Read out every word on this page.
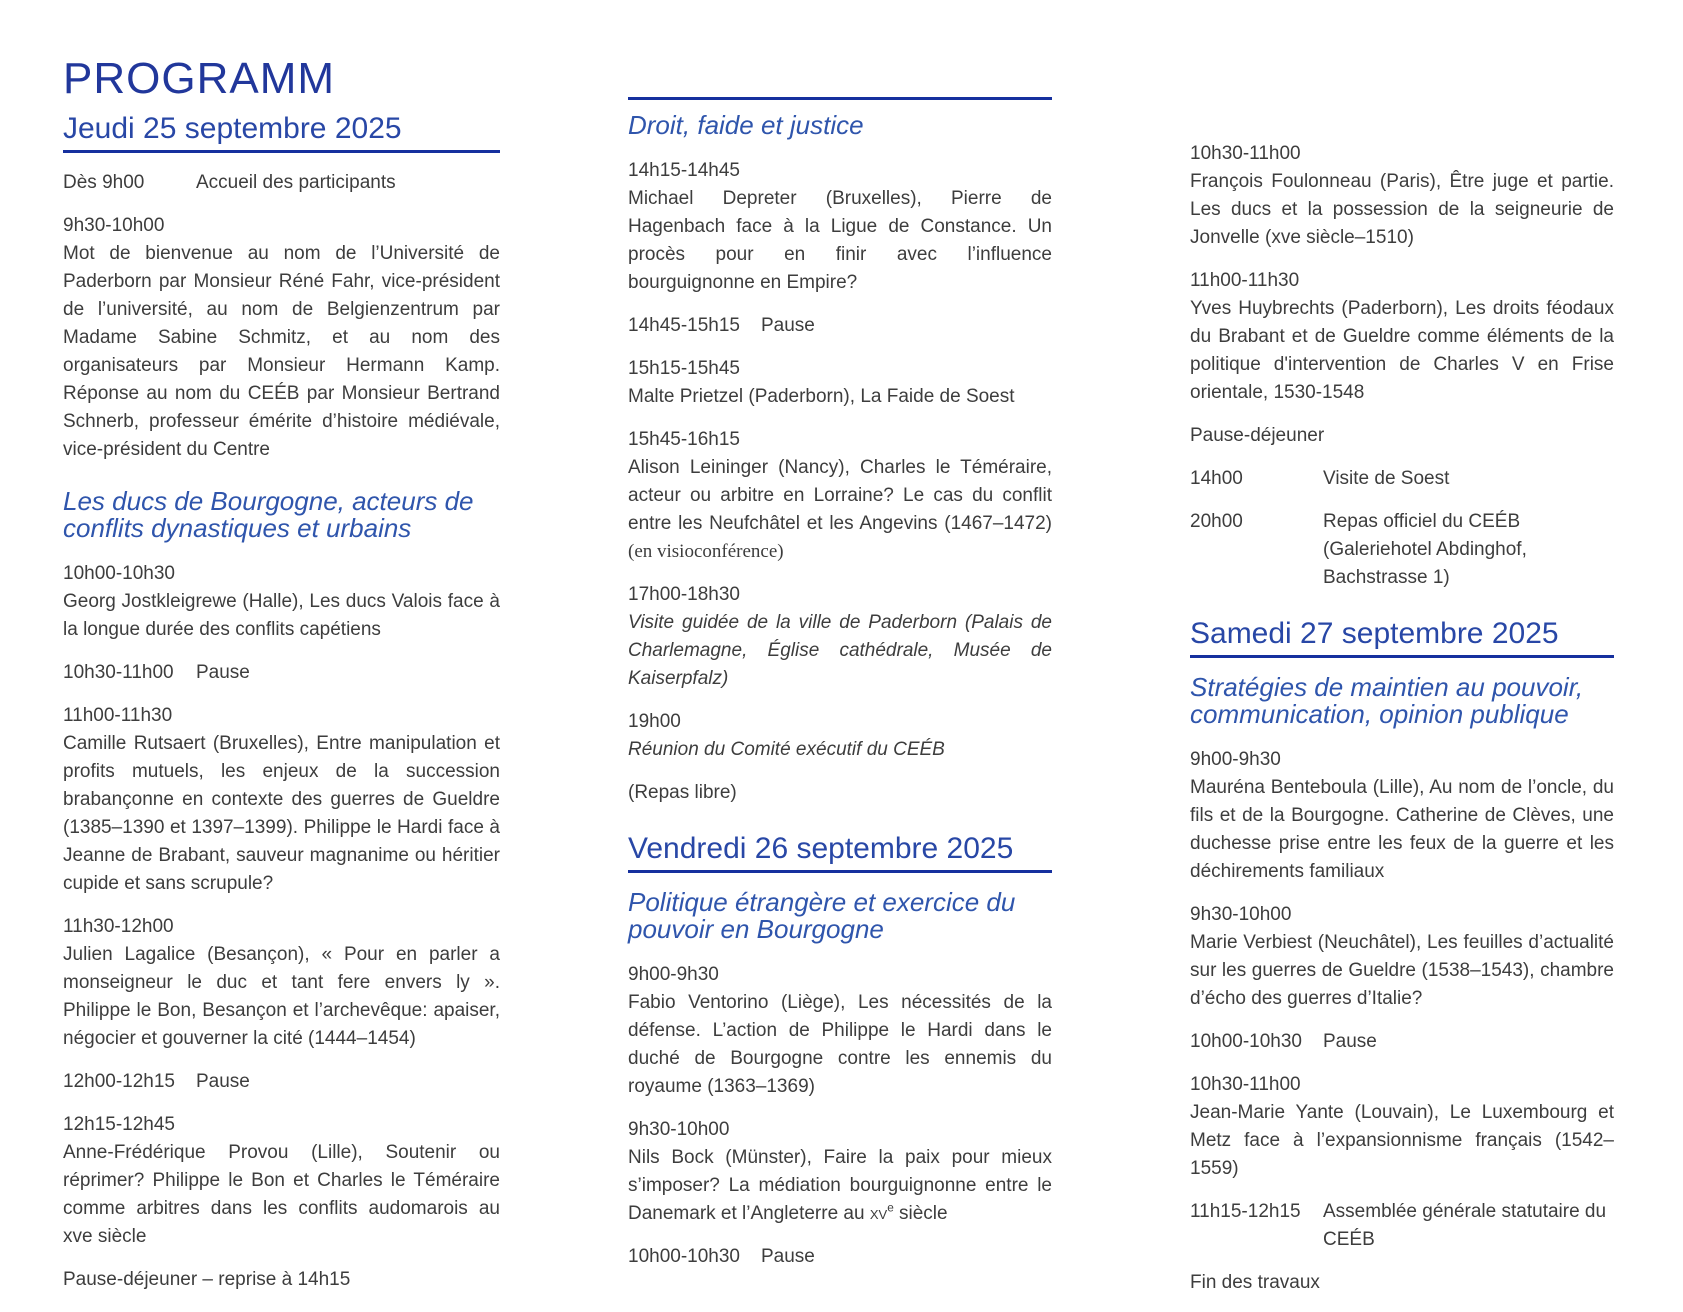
PROGRAMM
Jeudi 25 septembre 2025
Dès 9h00	Accueil des participants
9h30-10h00
Mot de bienvenue au nom de l’Université de Paderborn par Monsieur Réné Fahr, vice-président de l’université, au nom de Belgienzentrum par Madame Sabine Schmitz, et au nom des organisateurs par Monsieur Hermann Kamp. Réponse au nom du CEÉB par Monsieur Bertrand Schnerb, professeur émérite d’histoire médiévale, vice-président du Centre
Les ducs de Bourgogne, acteurs de conflits dynastiques et urbains
10h00-10h30
Georg Jostkleigrewe (Halle), Les ducs Valois face à la longue durée des conflits capétiens
10h30-11h00	Pause
11h00-11h30
Camille Rutsaert (Bruxelles), Entre manipulation et profits mutuels, les enjeux de la succession brabançonne en contexte des guerres de Gueldre (1385–1390 et 1397–1399). Philippe le Hardi face à Jeanne de Brabant, sauveur magnanime ou héritier cupide et sans scrupule?
11h30-12h00
Julien Lagalice (Besançon), « Pour en parler a monseigneur le duc et tant fere envers ly ». Philippe le Bon, Besançon et l’archevêque: apaiser, négocier et gouverner la cité (1444–1454)
12h00-12h15	Pause
12h15-12h45
Anne-Frédérique Provou (Lille), Soutenir ou réprimer? Philippe le Bon et Charles le Téméraire comme arbitres dans les conflits audomarois au xve siècle
Pause-déjeuner – reprise à 14h15
Droit, faide et justice
14h15-14h45
Michael Depreter (Bruxelles), Pierre de Hagenbach face à la Ligue de Constance. Un procès pour en finir avec l’influence bourguignonne en Empire?
14h45-15h15	Pause
15h15-15h45
Malte Prietzel (Paderborn), La Faide de Soest
15h45-16h15
Alison Leininger (Nancy), Charles le Téméraire, acteur ou arbitre en Lorraine? Le cas du conflit entre les Neufchâtel et les Angevins (1467–1472) (en visioconférence)
17h00-18h30
Visite guidée de la ville de Paderborn (Palais de Charlemagne, Église cathédrale, Musée de Kaiserpfalz)
19h00
Réunion du Comité exécutif du CEÉB
(Repas libre)
Vendredi 26 septembre 2025
Politique étrangère et exercice du pouvoir en Bourgogne
9h00-9h30
Fabio Ventorino (Liège), Les nécessités de la défense. L’action de Philippe le Hardi dans le duché de Bourgogne contre les ennemis du royaume (1363–1369)
9h30-10h00
Nils Bock (Münster), Faire la paix pour mieux s’imposer? La médiation bourguignonne entre le Danemark et l’Angleterre au $xv^e$ siècle
10h00-10h30	Pause
10h30-11h00
François Foulonneau (Paris), Être juge et partie. Les ducs et la possession de la seigneurie de Jonvelle (xve siècle–1510)
11h00-11h30
Yves Huybrechts (Paderborn), Les droits féodaux du Brabant et de Gueldre comme éléments de la politique d'intervention de Charles V en Frise orientale, 1530-1548
Pause-déjeuner
14h00	Visite de Soest
20h00	Repas officiel du CEÉB
(Galeriehotel Abdinghof, Bachstrasse 1)
Samedi 27 septembre 2025
Stratégies de maintien au pouvoir, communication, opinion publique
9h00-9h30
Mauréna Benteboula (Lille), Au nom de l’oncle, du fils et de la Bourgogne. Catherine de Clèves, une duchesse prise entre les feux de la guerre et les déchirements familiaux
9h30-10h00
Marie Verbiest (Neuchâtel), Les feuilles d’actualité sur les guerres de Gueldre (1538–1543), chambre d’écho des guerres d’Italie?
10h00-10h30	Pause
10h30-11h00
Jean-Marie Yante (Louvain), Le Luxembourg et Metz face à l’expansionnisme français (1542–1559)
11h15-12h15	Assemblée générale statutaire du CEÉB
Fin des travaux
